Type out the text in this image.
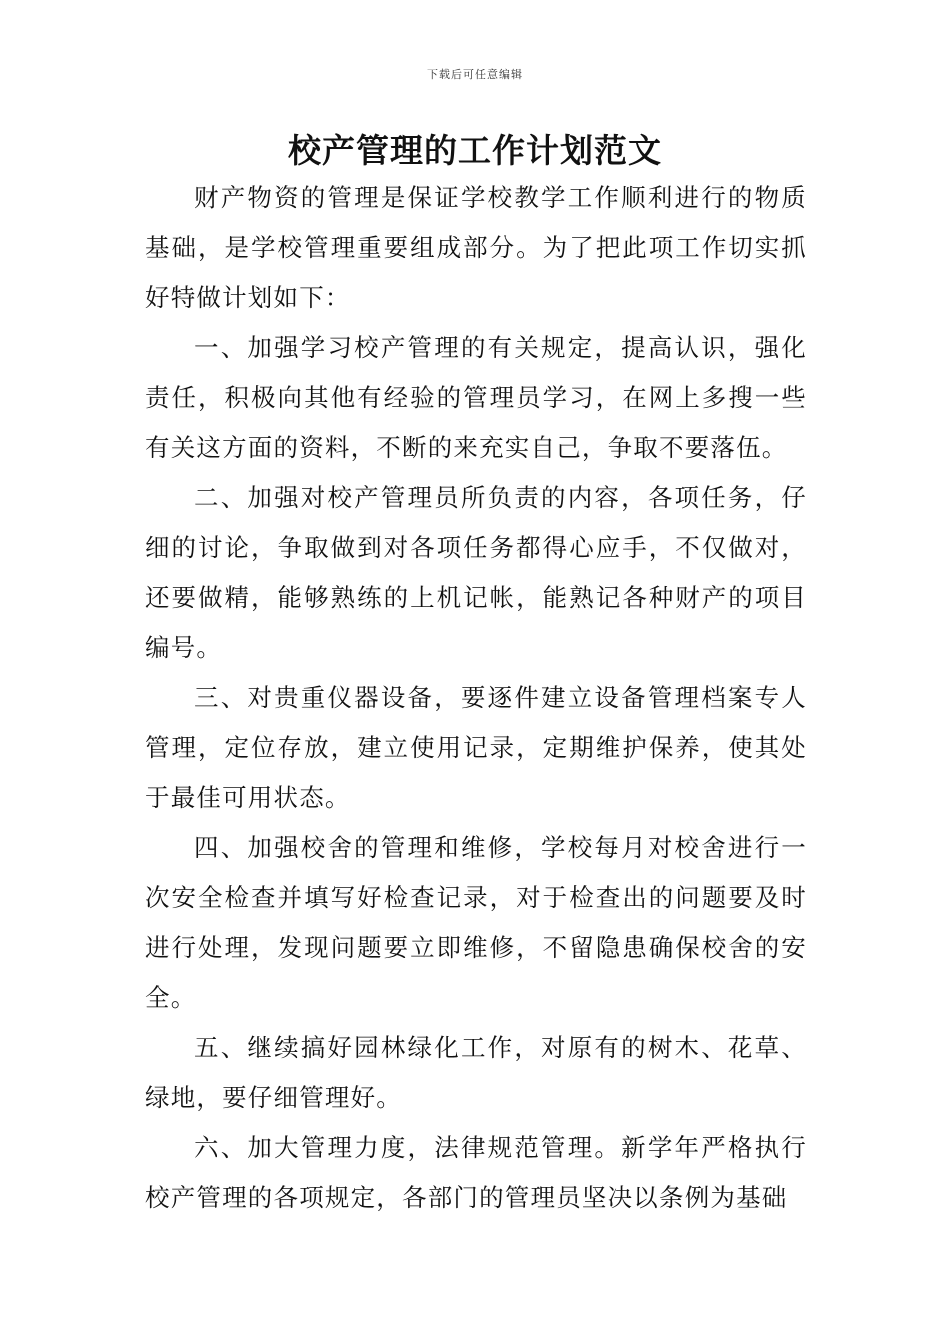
下载后可任意编辑
校产管理的工作计划范文

财产物资的管理是保证学校教学工作顺利进行的物质基础，是学校管理重要组成部分。为了把此项工作切实抓好特做计划如下：

一、加强学习校产管理的有关规定，提高认识，强化责任，积极向其他有经验的管理员学习，在网上多搜一些有关这方面的资料，不断的来充实自己，争取不要落伍。

二、加强对校产管理员所负责的内容，各项任务，仔细的讨论，争取做到对各项任务都得心应手，不仅做对，还要做精，能够熟练的上机记帐，能熟记各种财产的项目编号。

三、对贵重仪器设备，要逐件建立设备管理档案专人管理，定位存放，建立使用记录，定期维护保养，使其处于最佳可用状态。

四、加强校舍的管理和维修，学校每月对校舍进行一次安全检查并填写好检查记录，对于检查出的问题要及时进行处理，发现问题要立即维修，不留隐患确保校舍的安全。

五、继续搞好园林绿化工作，对原有的树木、花草、绿地，要仔细管理好。

六、加大管理力度，法律规范管理。新学年严格执行校产管理的各项规定，各部门的管理员坚决以条例为基础
